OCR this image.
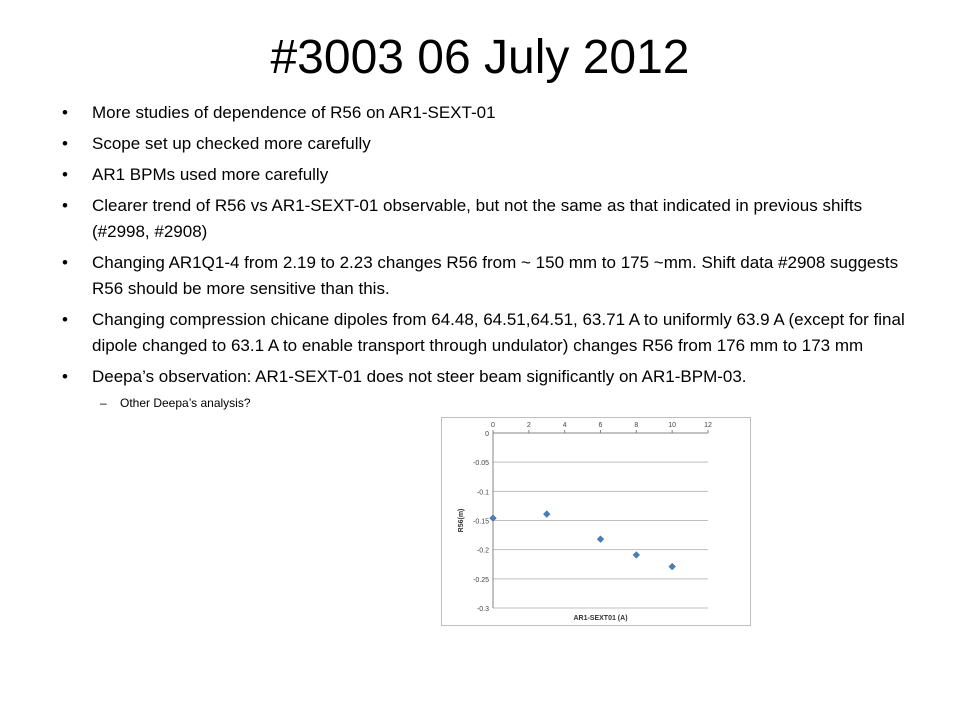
#3003 06 July 2012
• More studies of dependence of R56 on AR1-SEXT-01
• Scope set up checked more carefully
• AR1 BPMs used more carefully
• Clearer trend of R56 vs AR1-SEXT-01 observable, but not the same as that indicated in previous shifts (#2998, #2908)
• Changing AR1Q1-4 from 2.19 to 2.23 changes R56 from ~ 150 mm to 175 ~mm. Shift data #2908 suggests R56 should be more sensitive than this.
• Changing compression chicane dipoles from 64.48, 64.51,64.51, 63.71 A to uniformly 63.9 A (except for final dipole changed to 63.1 A to enable transport through undulator) changes R56 from 176 mm to 173 mm
• Deepa’s observation: AR1-SEXT-01 does not steer beam significantly on AR1-BPM-03.
– Other Deepa’s analysis?
0
-0.05
-0.1
-0.15
-0.2
-0.25
-0.3
0	2	4	6	8	10	12
AR1-SEXT01 (A)
R56(m)
